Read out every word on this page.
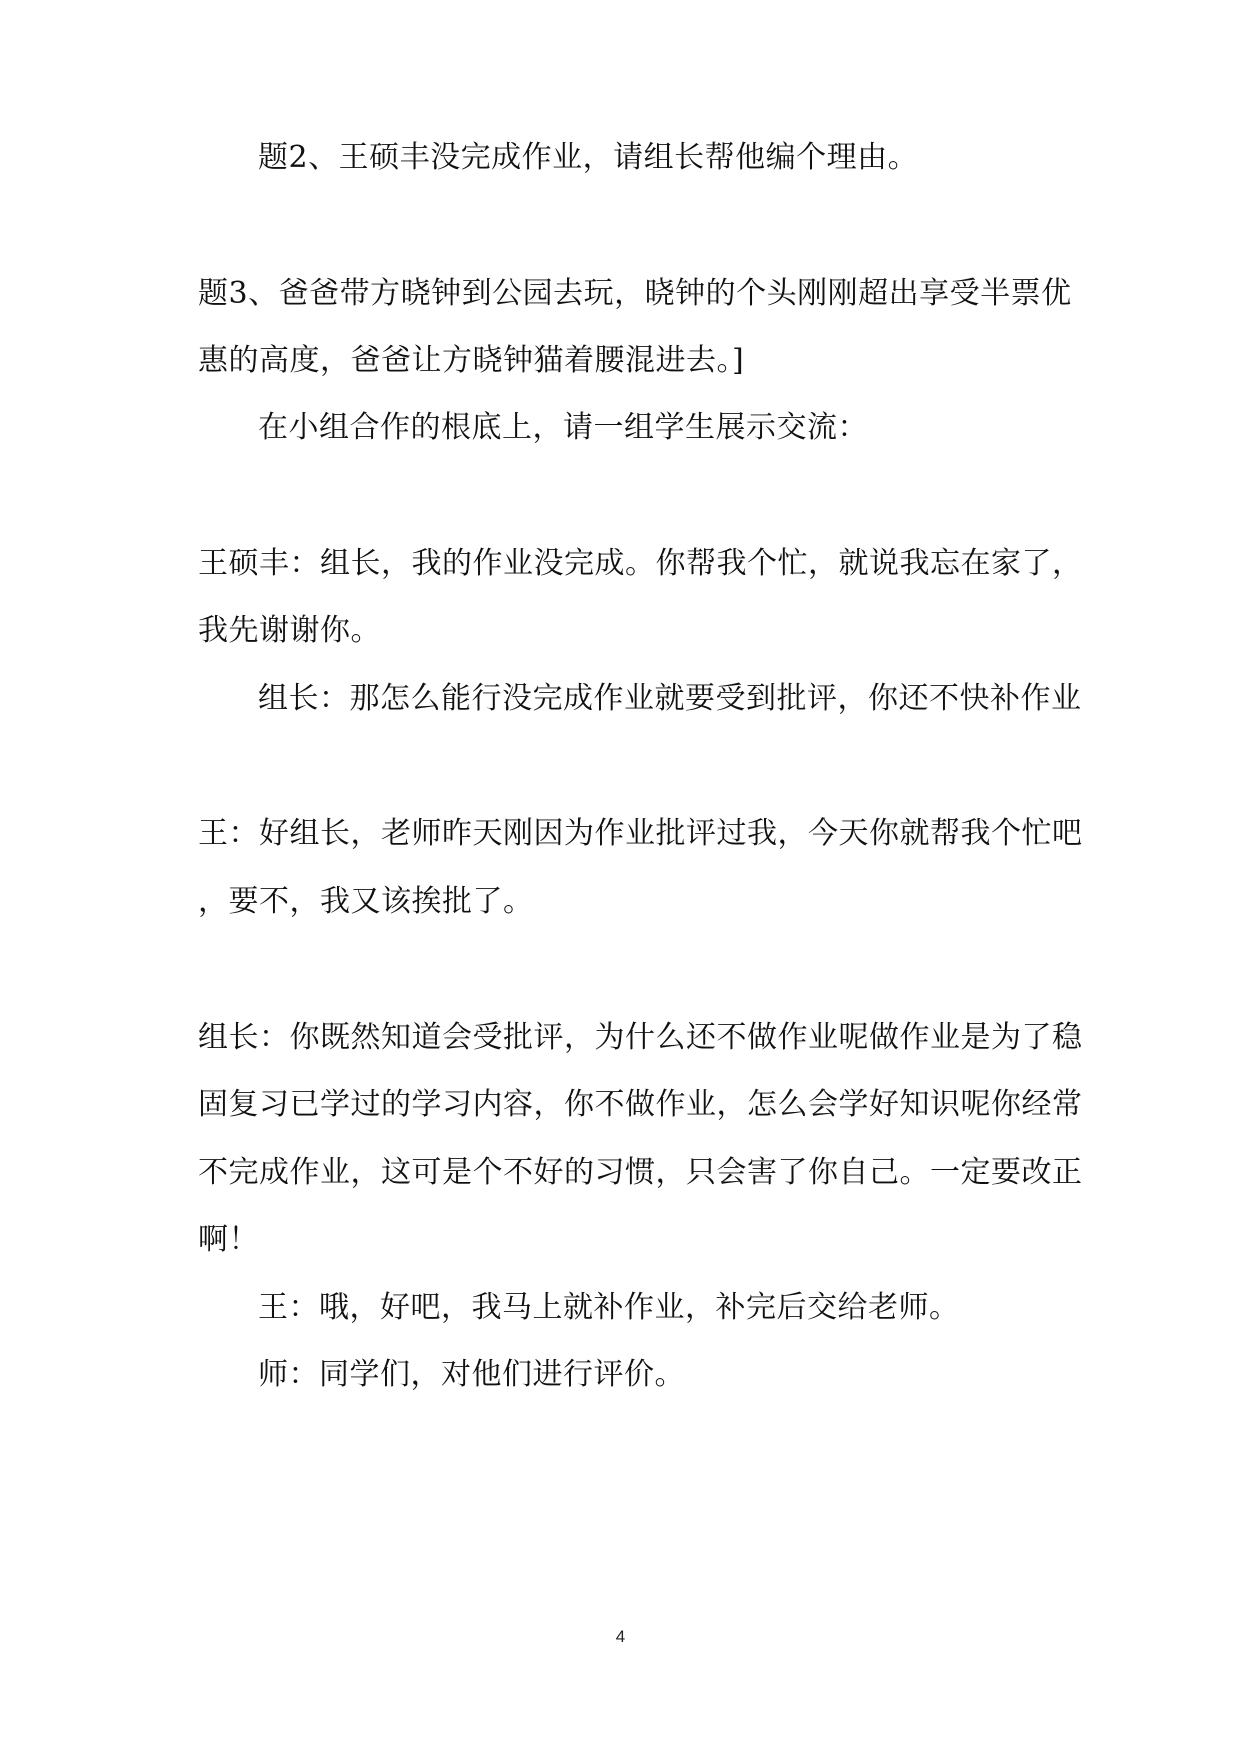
题2、王硕丰没完成作业，请组长帮他编个理由。
题3、爸爸带方晓钟到公园去玩，晓钟的个头刚刚超出享受半票优
惠的高度，爸爸让方晓钟猫着腰混进去。]
在小组合作的根底上，请一组学生展示交流：
王硕丰：组长，我的作业没完成。你帮我个忙，就说我忘在家了，
我先谢谢你。
组长：那怎么能行没完成作业就要受到批评，你还不快补作业
王：好组长，老师昨天刚因为作业批评过我，今天你就帮我个忙吧
，要不，我又该挨批了。
组长：你既然知道会受批评，为什么还不做作业呢做作业是为了稳
固复习已学过的学习内容，你不做作业，怎么会学好知识呢你经常
不完成作业，这可是个不好的习惯，只会害了你自己。一定要改正
啊！
王：哦，好吧，我马上就补作业，补完后交给老师。
师：同学们，对他们进行评价。
4
